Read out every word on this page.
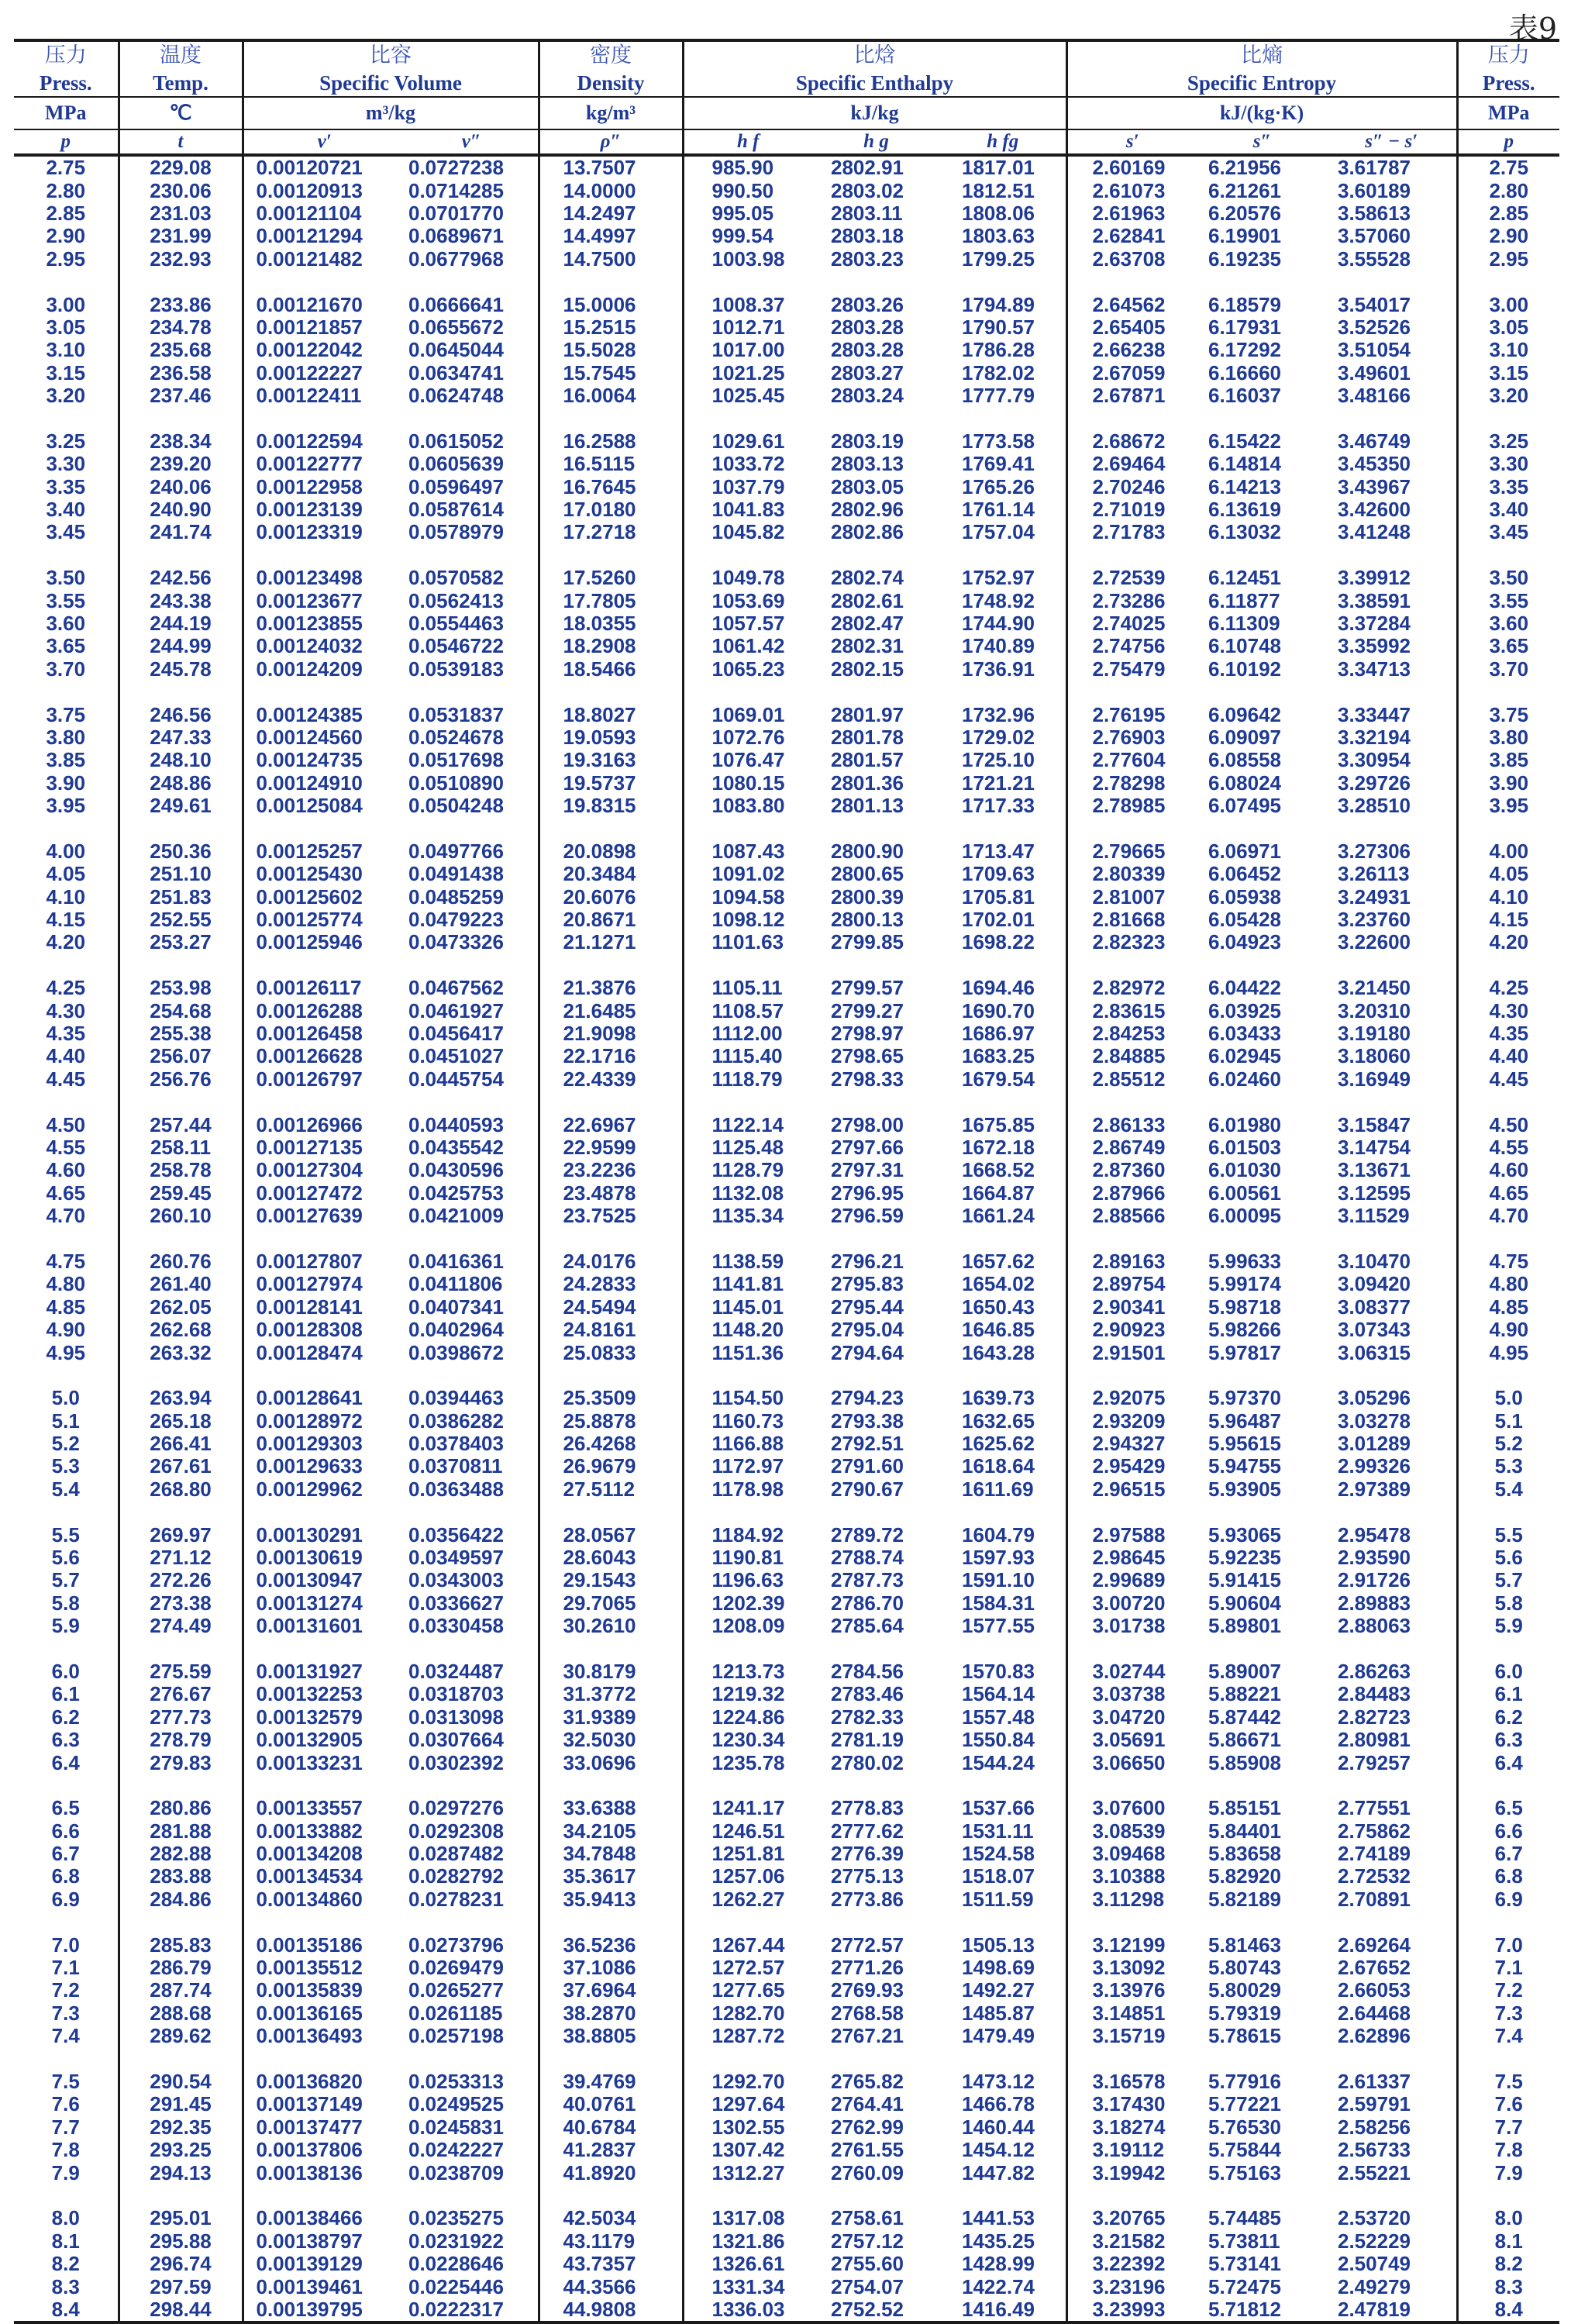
表9
压力	温度	比容		密度	比焓			比熵			压力
Press.	Temp.	Specific Volume		Density	Specific Enthalpy			Specific Entropy			Press.
MPa	℃	m³/kg		kg/m³	kJ/kg			kJ/(kg·K)			MPa
p	t	v′	v″	ρ″	h f	h g	h fg	s′	s″	s″ − s′	p
2.75	229.08	0.00120721	0.0727238	13.7507	985.90	2802.91	1817.01	2.60169	6.21956	3.61787	2.75
2.80	230.06	0.00120913	0.0714285	14.0000	990.50	2803.02	1812.51	2.61073	6.21261	3.60189	2.80
2.85	231.03	0.00121104	0.0701770	14.2497	995.05	2803.11	1808.06	2.61963	6.20576	3.58613	2.85
2.90	231.99	0.00121294	0.0689671	14.4997	999.54	2803.18	1803.63	2.62841	6.19901	3.57060	2.90
2.95	232.93	0.00121482	0.0677968	14.7500	1003.98	2803.23	1799.25	2.63708	6.19235	3.55528	2.95

3.00	233.86	0.00121670	0.0666641	15.0006	1008.37	2803.26	1794.89	2.64562	6.18579	3.54017	3.00
3.05	234.78	0.00121857	0.0655672	15.2515	1012.71	2803.28	1790.57	2.65405	6.17931	3.52526	3.05
3.10	235.68	0.00122042	0.0645044	15.5028	1017.00	2803.28	1786.28	2.66238	6.17292	3.51054	3.10
3.15	236.58	0.00122227	0.0634741	15.7545	1021.25	2803.27	1782.02	2.67059	6.16660	3.49601	3.15
3.20	237.46	0.00122411	0.0624748	16.0064	1025.45	2803.24	1777.79	2.67871	6.16037	3.48166	3.20

3.25	238.34	0.00122594	0.0615052	16.2588	1029.61	2803.19	1773.58	2.68672	6.15422	3.46749	3.25
3.30	239.20	0.00122777	0.0605639	16.5115	1033.72	2803.13	1769.41	2.69464	6.14814	3.45350	3.30
3.35	240.06	0.00122958	0.0596497	16.7645	1037.79	2803.05	1765.26	2.70246	6.14213	3.43967	3.35
3.40	240.90	0.00123139	0.0587614	17.0180	1041.83	2802.96	1761.14	2.71019	6.13619	3.42600	3.40
3.45	241.74	0.00123319	0.0578979	17.2718	1045.82	2802.86	1757.04	2.71783	6.13032	3.41248	3.45

3.50	242.56	0.00123498	0.0570582	17.5260	1049.78	2802.74	1752.97	2.72539	6.12451	3.39912	3.50
3.55	243.38	0.00123677	0.0562413	17.7805	1053.69	2802.61	1748.92	2.73286	6.11877	3.38591	3.55
3.60	244.19	0.00123855	0.0554463	18.0355	1057.57	2802.47	1744.90	2.74025	6.11309	3.37284	3.60
3.65	244.99	0.00124032	0.0546722	18.2908	1061.42	2802.31	1740.89	2.74756	6.10748	3.35992	3.65
3.70	245.78	0.00124209	0.0539183	18.5466	1065.23	2802.15	1736.91	2.75479	6.10192	3.34713	3.70

3.75	246.56	0.00124385	0.0531837	18.8027	1069.01	2801.97	1732.96	2.76195	6.09642	3.33447	3.75
3.80	247.33	0.00124560	0.0524678	19.0593	1072.76	2801.78	1729.02	2.76903	6.09097	3.32194	3.80
3.85	248.10	0.00124735	0.0517698	19.3163	1076.47	2801.57	1725.10	2.77604	6.08558	3.30954	3.85
3.90	248.86	0.00124910	0.0510890	19.5737	1080.15	2801.36	1721.21	2.78298	6.08024	3.29726	3.90
3.95	249.61	0.00125084	0.0504248	19.8315	1083.80	2801.13	1717.33	2.78985	6.07495	3.28510	3.95

4.00	250.36	0.00125257	0.0497766	20.0898	1087.43	2800.90	1713.47	2.79665	6.06971	3.27306	4.00
4.05	251.10	0.00125430	0.0491438	20.3484	1091.02	2800.65	1709.63	2.80339	6.06452	3.26113	4.05
4.10	251.83	0.00125602	0.0485259	20.6076	1094.58	2800.39	1705.81	2.81007	6.05938	3.24931	4.10
4.15	252.55	0.00125774	0.0479223	20.8671	1098.12	2800.13	1702.01	2.81668	6.05428	3.23760	4.15
4.20	253.27	0.00125946	0.0473326	21.1271	1101.63	2799.85	1698.22	2.82323	6.04923	3.22600	4.20

4.25	253.98	0.00126117	0.0467562	21.3876	1105.11	2799.57	1694.46	2.82972	6.04422	3.21450	4.25
4.30	254.68	0.00126288	0.0461927	21.6485	1108.57	2799.27	1690.70	2.83615	6.03925	3.20310	4.30
4.35	255.38	0.00126458	0.0456417	21.9098	1112.00	2798.97	1686.97	2.84253	6.03433	3.19180	4.35
4.40	256.07	0.00126628	0.0451027	22.1716	1115.40	2798.65	1683.25	2.84885	6.02945	3.18060	4.40
4.45	256.76	0.00126797	0.0445754	22.4339	1118.79	2798.33	1679.54	2.85512	6.02460	3.16949	4.45

4.50	257.44	0.00126966	0.0440593	22.6967	1122.14	2798.00	1675.85	2.86133	6.01980	3.15847	4.50
4.55	258.11	0.00127135	0.0435542	22.9599	1125.48	2797.66	1672.18	2.86749	6.01503	3.14754	4.55
4.60	258.78	0.00127304	0.0430596	23.2236	1128.79	2797.31	1668.52	2.87360	6.01030	3.13671	4.60
4.65	259.45	0.00127472	0.0425753	23.4878	1132.08	2796.95	1664.87	2.87966	6.00561	3.12595	4.65
4.70	260.10	0.00127639	0.0421009	23.7525	1135.34	2796.59	1661.24	2.88566	6.00095	3.11529	4.70

4.75	260.76	0.00127807	0.0416361	24.0176	1138.59	2796.21	1657.62	2.89163	5.99633	3.10470	4.75
4.80	261.40	0.00127974	0.0411806	24.2833	1141.81	2795.83	1654.02	2.89754	5.99174	3.09420	4.80
4.85	262.05	0.00128141	0.0407341	24.5494	1145.01	2795.44	1650.43	2.90341	5.98718	3.08377	4.85
4.90	262.68	0.00128308	0.0402964	24.8161	1148.20	2795.04	1646.85	2.90923	5.98266	3.07343	4.90
4.95	263.32	0.00128474	0.0398672	25.0833	1151.36	2794.64	1643.28	2.91501	5.97817	3.06315	4.95

5.0	263.94	0.00128641	0.0394463	25.3509	1154.50	2794.23	1639.73	2.92075	5.97370	3.05296	5.0
5.1	265.18	0.00128972	0.0386282	25.8878	1160.73	2793.38	1632.65	2.93209	5.96487	3.03278	5.1
5.2	266.41	0.00129303	0.0378403	26.4268	1166.88	2792.51	1625.62	2.94327	5.95615	3.01289	5.2
5.3	267.61	0.00129633	0.0370811	26.9679	1172.97	2791.60	1618.64	2.95429	5.94755	2.99326	5.3
5.4	268.80	0.00129962	0.0363488	27.5112	1178.98	2790.67	1611.69	2.96515	5.93905	2.97389	5.4

5.5	269.97	0.00130291	0.0356422	28.0567	1184.92	2789.72	1604.79	2.97588	5.93065	2.95478	5.5
5.6	271.12	0.00130619	0.0349597	28.6043	1190.81	2788.74	1597.93	2.98645	5.92235	2.93590	5.6
5.7	272.26	0.00130947	0.0343003	29.1543	1196.63	2787.73	1591.10	2.99689	5.91415	2.91726	5.7
5.8	273.38	0.00131274	0.0336627	29.7065	1202.39	2786.70	1584.31	3.00720	5.90604	2.89883	5.8
5.9	274.49	0.00131601	0.0330458	30.2610	1208.09	2785.64	1577.55	3.01738	5.89801	2.88063	5.9

6.0	275.59	0.00131927	0.0324487	30.8179	1213.73	2784.56	1570.83	3.02744	5.89007	2.86263	6.0
6.1	276.67	0.00132253	0.0318703	31.3772	1219.32	2783.46	1564.14	3.03738	5.88221	2.84483	6.1
6.2	277.73	0.00132579	0.0313098	31.9389	1224.86	2782.33	1557.48	3.04720	5.87442	2.82723	6.2
6.3	278.79	0.00132905	0.0307664	32.5030	1230.34	2781.19	1550.84	3.05691	5.86671	2.80981	6.3
6.4	279.83	0.00133231	0.0302392	33.0696	1235.78	2780.02	1544.24	3.06650	5.85908	2.79257	6.4

6.5	280.86	0.00133557	0.0297276	33.6388	1241.17	2778.83	1537.66	3.07600	5.85151	2.77551	6.5
6.6	281.88	0.00133882	0.0292308	34.2105	1246.51	2777.62	1531.11	3.08539	5.84401	2.75862	6.6
6.7	282.88	0.00134208	0.0287482	34.7848	1251.81	2776.39	1524.58	3.09468	5.83658	2.74189	6.7
6.8	283.88	0.00134534	0.0282792	35.3617	1257.06	2775.13	1518.07	3.10388	5.82920	2.72532	6.8
6.9	284.86	0.00134860	0.0278231	35.9413	1262.27	2773.86	1511.59	3.11298	5.82189	2.70891	6.9

7.0	285.83	0.00135186	0.0273796	36.5236	1267.44	2772.57	1505.13	3.12199	5.81463	2.69264	7.0
7.1	286.79	0.00135512	0.0269479	37.1086	1272.57	2771.26	1498.69	3.13092	5.80743	2.67652	7.1
7.2	287.74	0.00135839	0.0265277	37.6964	1277.65	2769.93	1492.27	3.13976	5.80029	2.66053	7.2
7.3	288.68	0.00136165	0.0261185	38.2870	1282.70	2768.58	1485.87	3.14851	5.79319	2.64468	7.3
7.4	289.62	0.00136493	0.0257198	38.8805	1287.72	2767.21	1479.49	3.15719	5.78615	2.62896	7.4

7.5	290.54	0.00136820	0.0253313	39.4769	1292.70	2765.82	1473.12	3.16578	5.77916	2.61337	7.5
7.6	291.45	0.00137149	0.0249525	40.0761	1297.64	2764.41	1466.78	3.17430	5.77221	2.59791	7.6
7.7	292.35	0.00137477	0.0245831	40.6784	1302.55	2762.99	1460.44	3.18274	5.76530	2.58256	7.7
7.8	293.25	0.00137806	0.0242227	41.2837	1307.42	2761.55	1454.12	3.19112	5.75844	2.56733	7.8
7.9	294.13	0.00138136	0.0238709	41.8920	1312.27	2760.09	1447.82	3.19942	5.75163	2.55221	7.9

8.0	295.01	0.00138466	0.0235275	42.5034	1317.08	2758.61	1441.53	3.20765	5.74485	2.53720	8.0
8.1	295.88	0.00138797	0.0231922	43.1179	1321.86	2757.12	1435.25	3.21582	5.73811	2.52229	8.1
8.2	296.74	0.00139129	0.0228646	43.7357	1326.61	2755.60	1428.99	3.22392	5.73141	2.50749	8.2
8.3	297.59	0.00139461	0.0225446	44.3566	1331.34	2754.07	1422.74	3.23196	5.72475	2.49279	8.3
8.4	298.44	0.00139795	0.0222317	44.9808	1336.03	2752.52	1416.49	3.23993	5.71812	2.47819	8.4
